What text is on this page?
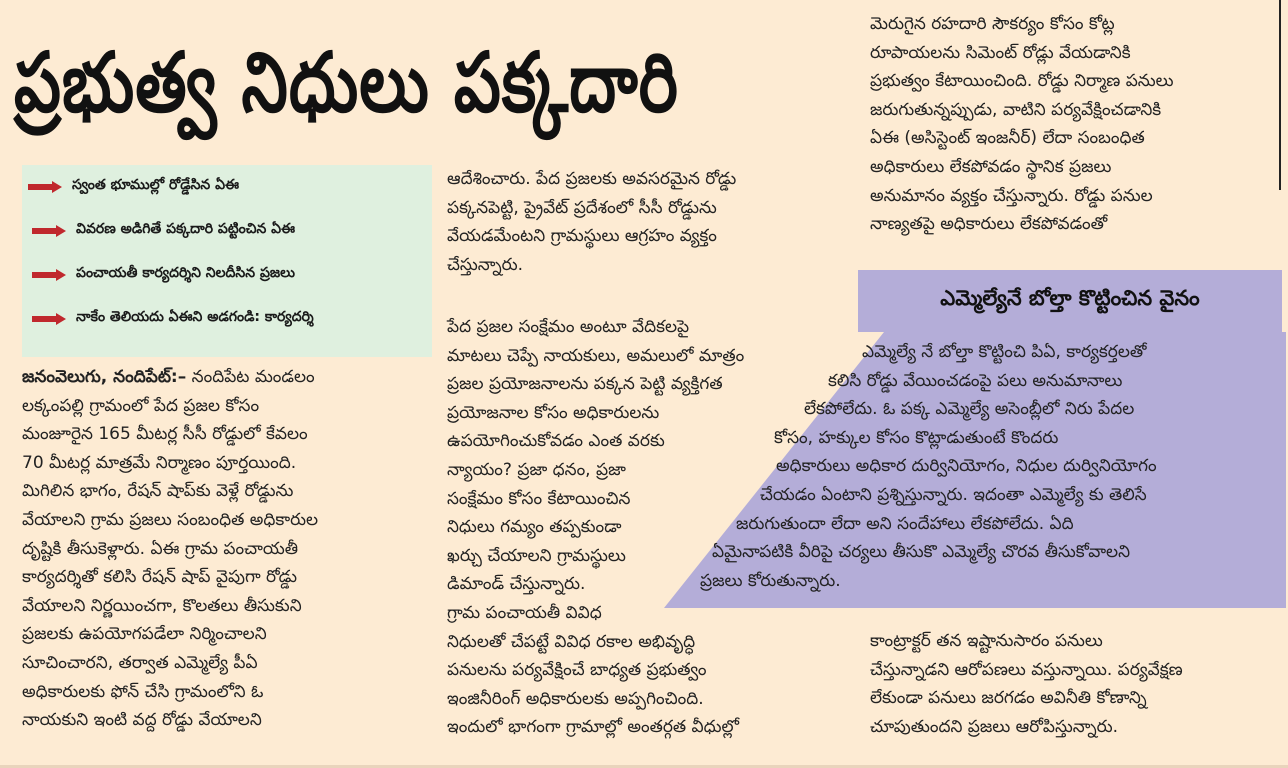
ప్రభుత్వ నిధులు పక్కదారి
స్వంత భూముల్లో రోడ్డేసిన ఏఈ
వివరణ అడిగితే పక్కదారి పట్టించిన ఏఈ
పంచాయతీ కార్యదర్శిని నిలదీసిన ప్రజలు
నాకేం తెలియదు ఏఈని అడగండి: కార్యదర్శి
జనంవెలుగు, నందిపేట్:– నందిపేట మండలం
లక్కంపల్లి గ్రామంలో పేద ప్రజల కోసం
మంజూరైన 165 మీటర్ల సీసీ రోడ్డులో కేవలం
70 మీటర్ల మాత్రమే నిర్మాణం పూర్తయింది.
మిగిలిన భాగం, రేషన్ షాప్‌కు వెళ్లే రోడ్డును
వేయాలని గ్రామ ప్రజలు సంబంధిత అధికారుల
దృష్టికి తీసుకెళ్లారు. ఏఈ గ్రామ పంచాయతీ
కార్యదర్శితో కలిసి రేషన్ షాప్ వైపుగా రోడ్డు
వేయాలని నిర్ణయించగా, కొలతలు తీసుకుని
ప్రజలకు ఉపయోగపడేలా నిర్మించాలని
సూచించారని, తర్వాత ఎమ్మెల్యే పీఏ
అధికారులకు ఫోన్ చేసి గ్రామంలోని ఓ
నాయకుని ఇంటి వద్ద రోడ్డు వేయాలని
ఆదేశించారు. పేద ప్రజలకు అవసరమైన రోడ్డు
పక్కనపెట్టి, ప్రైవేట్ ప్రదేశంలో సీసీ రోడ్డును
వేయడమేంటని గ్రామస్థులు ఆగ్రహం వ్యక్తం
చేస్తున్నారు.
పేద ప్రజల సంక్షేమం అంటూ వేదికలపై
మాటలు చెప్పే నాయకులు, అమలులో మాత్రం
ప్రజల ప్రయోజనాలను పక్కన పెట్టి వ్యక్తిగత
ప్రయోజనాల కోసం అధికారులను
ఉపయోగించుకోవడం ఎంత వరకు
న్యాయం? ప్రజా ధనం, ప్రజా
సంక్షేమం కోసం కేటాయించిన
నిధులు గమ్యం తప్పకుండా
ఖర్చు చేయాలని గ్రామస్థులు
డిమాండ్ చేస్తున్నారు.
గ్రామ పంచాయతీ వివిధ
నిధులతో చేపట్టే వివిధ రకాల అభివృద్ధి
పనులను పర్యవేక్షించే బాధ్యత ప్రభుత్వం
ఇంజినీరింగ్ అధికారులకు అప్పగించింది.
ఇందులో భాగంగా గ్రామాల్లో అంతర్గత వీధుల్లో
మెరుగైన రహదారి సౌకర్యం కోసం కోట్ల
రూపాయలను సిమెంట్ రోడ్లు వేయడానికి
ప్రభుత్వం కేటాయించింది. రోడ్డు నిర్మాణ పనులు
జరుగుతున్నప్పుడు, వాటిని పర్యవేక్షించడానికి
ఏఈ (అసిస్టెంట్ ఇంజనీర్) లేదా సంబంధిత
అధికారులు లేకపోవడం స్థానిక ప్రజలు
అనుమానం వ్యక్తం చేస్తున్నారు. రోడ్డు పనుల
నాణ్యతపై అధికారులు లేకపోవడంతో
ఎమ్మెల్యేనే బోల్తా కొట్టించిన వైనం
ఎమ్మెల్యే నే బోల్తా కొట్టించి పిఏ, కార్యకర్తలతో
కలిసి రోడ్డు వేయించడంపై పలు అనుమానాలు
లేకపోలేదు. ఓ పక్క ఎమ్మెల్యే అసెంబ్లీలో నిరు పేదల
కోసం, హక్కుల కోసం కొట్లాడుతుంటే కొందరు
అధికారులు అధికార దుర్వినియోగం, నిధుల దుర్వినియోగం
చేయడం ఏంటాని ప్రశ్నిస్తున్నారు. ఇదంతా ఎమ్మెల్యే కు తెలిసే
జరుగుతుందా లేదా అని సందేహాలు లేకపోలేదు. ఏది
ఏమైనాపటికి వీరిపై చర్యలు తీసుకొ ఎమ్మెల్యే చొరవ తీసుకోవాలని
ప్రజలు కోరుతున్నారు.
కాంట్రాక్టర్ తన ఇష్టానుసారం పనులు
చేస్తున్నాడని ఆరోపణలు వస్తున్నాయి. పర్యవేక్షణ
లేకుండా పనులు జరగడం అవినీతి కోణాన్ని
చూపుతుందని ప్రజలు ఆరోపిస్తున్నారు.
